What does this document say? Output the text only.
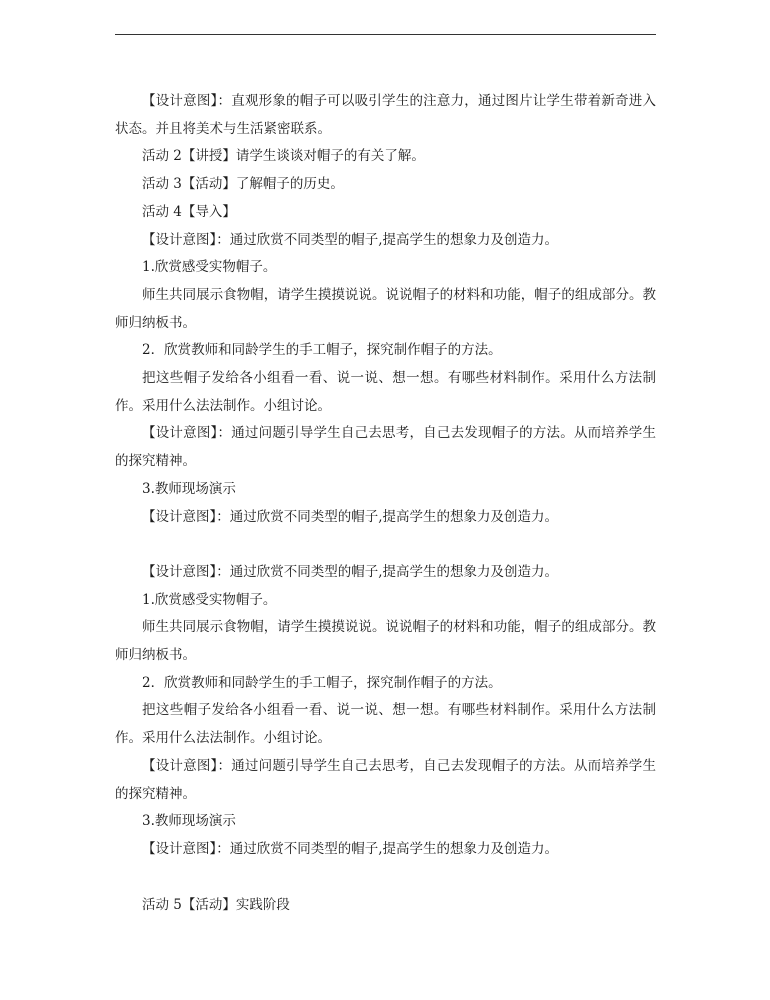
【设计意图】：直观形象的帽子可以吸引学生的注意力，通过图片让学生带着新奇进入状态。并且将美术与生活紧密联系。

活动 2【讲授】请学生谈谈对帽子的有关了解。

活动 3【活动】了解帽子的历史。

活动 4【导入】

【设计意图】：通过欣赏不同类型的帽子,提高学生的想象力及创造力。

1.欣赏感受实物帽子。

师生共同展示食物帽，请学生摸摸说说。说说帽子的材料和功能，帽子的组成部分。教师归纳板书。

2．欣赏教师和同龄学生的手工帽子，探究制作帽子的方法。

把这些帽子发给各小组看一看、说一说、想一想。有哪些材料制作。采用什么方法制作。采用什么法法制作。小组讨论。

【设计意图】：通过问题引导学生自己去思考，自己去发现帽子的方法。从而培养学生的探究精神。

3.教师现场演示

【设计意图】：通过欣赏不同类型的帽子,提高学生的想象力及创造力。

【设计意图】：通过欣赏不同类型的帽子,提高学生的想象力及创造力。

1.欣赏感受实物帽子。

师生共同展示食物帽，请学生摸摸说说。说说帽子的材料和功能，帽子的组成部分。教师归纳板书。

2．欣赏教师和同龄学生的手工帽子，探究制作帽子的方法。

把这些帽子发给各小组看一看、说一说、想一想。有哪些材料制作。采用什么方法制作。采用什么法法制作。小组讨论。

【设计意图】：通过问题引导学生自己去思考，自己去发现帽子的方法。从而培养学生的探究精神。

3.教师现场演示

【设计意图】：通过欣赏不同类型的帽子,提高学生的想象力及创造力。

活动 5【活动】实践阶段
